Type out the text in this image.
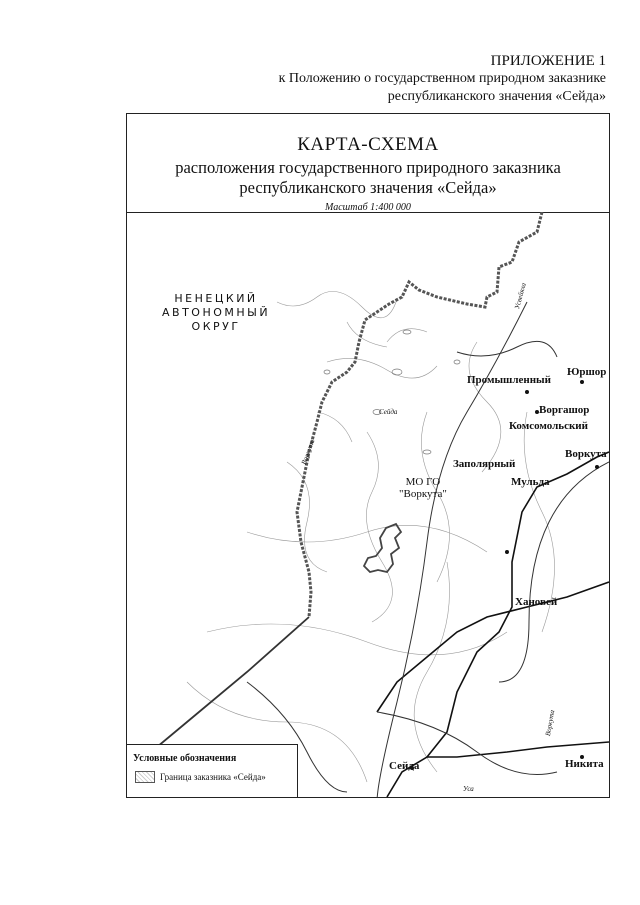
ПРИЛОЖЕНИЕ 1
к Положению о государственном природном заказнике
республиканского значения «Сейда»
КАРТА-СХЕМА
расположения государственного природного заказника
республиканского значения «Сейда»
Масштаб 1:400 000
НЕНЕЦКИЙ
АВТОНОМНЫЙ
ОКРУГ
МО ГО
"Воркута"
Юршор
Промышленный
Воргашор
Комсомольский
Воркута
Заполярный
Мульда
Хановей
Сейда	Никита
Сейда
Воркута
Усвейяха
Уса
Воркута
Условные обозначения
Граница заказника «Сейда»
